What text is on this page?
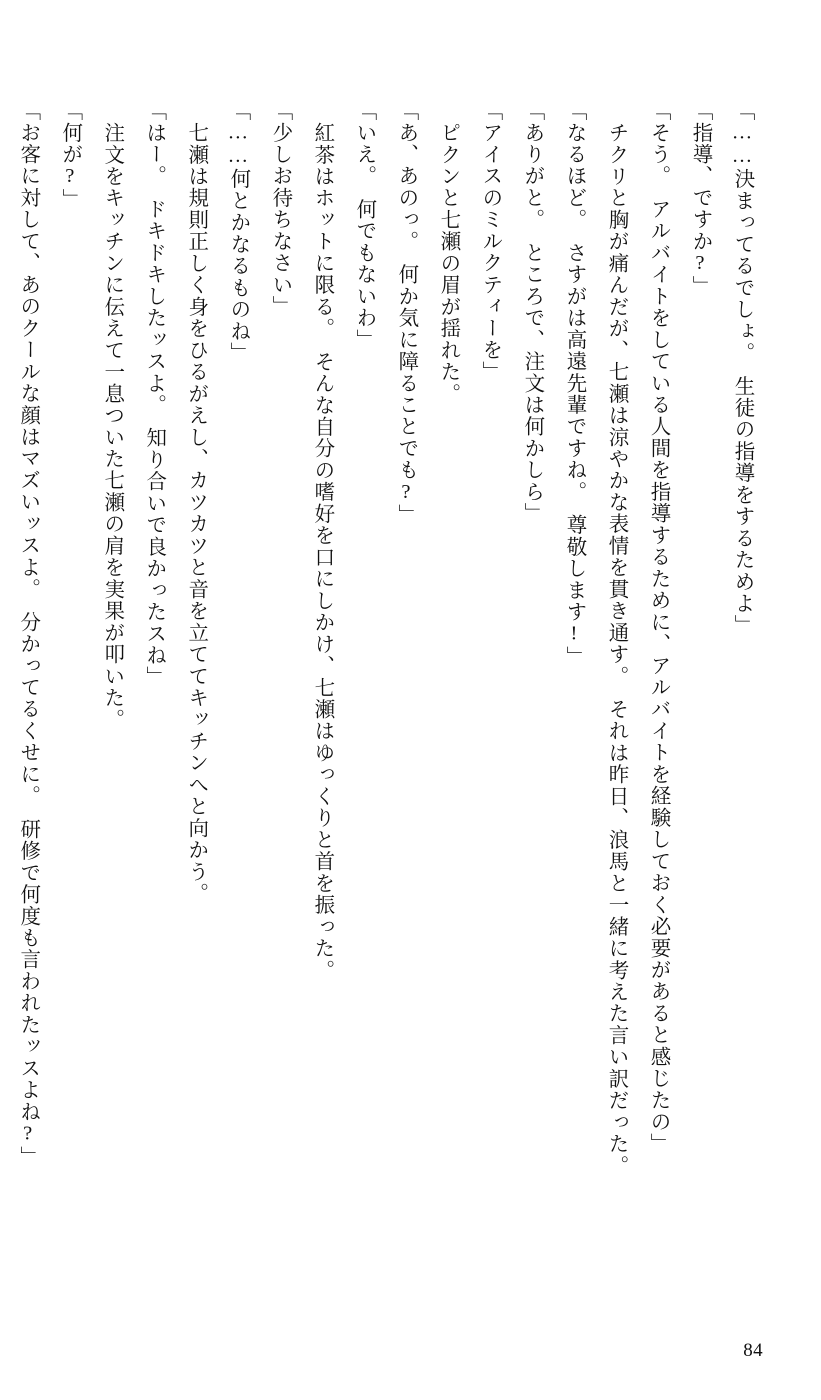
「……決まってるでしょ。　生徒の指導をするためよ」
「指導、ですか?」
「そう。　アルバイトをしている人間を指導するために、アルバイトを経験しておく必要があると感じたの」
チクリと胸が痛んだが、七瀬は涼やかな表情を貫き通す。　それは昨日、浪馬と一緒に考えた言い訳だった。
「なるほど。　さすがは高遠先輩ですね。　尊敬します!」
「ありがと。　ところで、注文は何かしら」
「アイスのミルクティーを」
ピクンと七瀬の眉が揺れた。
「あ、あのっ。　何か気に障ることでも?」
「いえ。　何でもないわ」
紅茶はホットに限る。　そんな自分の嗜好を口にしかけ、七瀬はゆっくりと首を振った。
「少しお待ちなさい」
「……何とかなるものね」
七瀬は規則正しく身をひるがえし、カツカツと音を立ててキッチンへと向かう。
「はー。　ドキドキしたッスよ。　知り合いで良かったスね」
注文をキッチンに伝えて一息ついた七瀬の肩を実果が叩いた。
「何が?」
「お客に対して、あのクールな顔はマズいッスよ。　分かってるくせに。　研修で何度も言われたッスよね?」
84
